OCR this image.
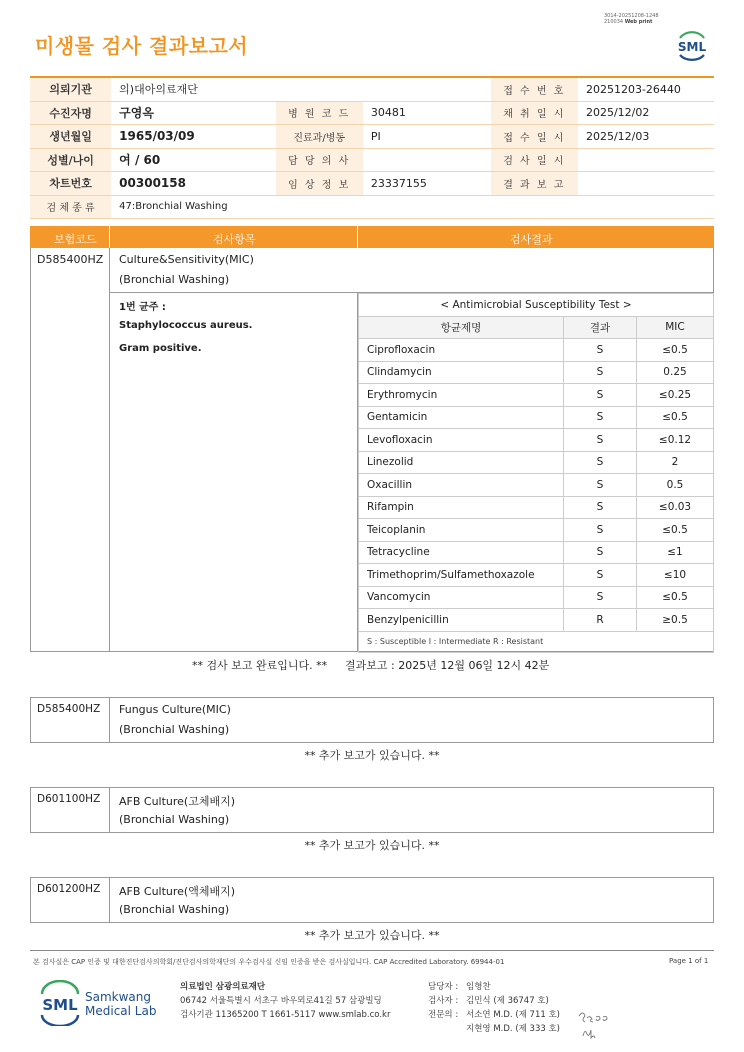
미생물 검사 결과보고서
3014-20251208-1248
210034 Web print
SML
의뢰기관	의)대아의료재단			접 수 번 호	20251203-26440
수진자명	구영옥	병 원 코 드	30481	채 취 일 시	2025/12/02
생년월일	1965/03/09	진료과/병동	PI	접 수 일 시	2025/12/03
성별/나이	여 / 60	담 당 의 사		검 사 일 시	
차트번호	00300158	임 상 정 보	23337155	결 과 보 고	
검 체 종 류	47:Bronchial Washing				
보험코드	검사항목	검사결과
D585400HZ Culture&Sensitivity(MIC)
(Bronchial Washing)
1번 균주 :
Staphylococcus aureus.
Gram positive.
< Antimicrobial Susceptibility Test >		
항균제명	결과	MIC
Ciprofloxacin	S	≤0.5
Clindamycin	S	0.25
Erythromycin	S	≤0.25
Gentamicin	S	≤0.5
Levofloxacin	S	≤0.12
Linezolid	S	2
Oxacillin	S	0.5
Rifampin	S	≤0.03
Teicoplanin	S	≤0.5
Tetracycline	S	≤1
Trimethoprim/Sulfamethoxazole	S	≤10
Vancomycin	S	≤0.5
Benzylpenicillin	R	≥0.5
S : Susceptible I : Intermediate R : Resistant		
** 검사 보고 완료입니다. ** 결과보고 : 2025년 12월 06일 12시 42분
D585400HZ Fungus Culture(MIC)
(Bronchial Washing)
** 추가 보고가 있습니다. **
D601100HZ AFB Culture(고체배지)
(Bronchial Washing)
** 추가 보고가 있습니다. **
D601200HZ AFB Culture(액체배지)
(Bronchial Washing)
** 추가 보고가 있습니다. **
본 검사실은 CAP 인증 및 대한진단검사의학회/진단검사의학재단의 우수검사실 신임 인증을 받은 검사실입니다. CAP Accredited Laboratory. 69944-01	Page 1 of 1
SML Samkwang
Medical Lab
의료법인 삼광의료재단
06742 서울특별시 서초구 바우뫼로41길 57 삼광빌딩
검사기관 11365200 T 1661-5117 www.smlab.co.kr
담당자 : 임형찬
검사자 : 김민식 (제 36747 호)
전문의 : 서소연 M.D. (제 711 호)
지현영 M.D. (제 333 호)
